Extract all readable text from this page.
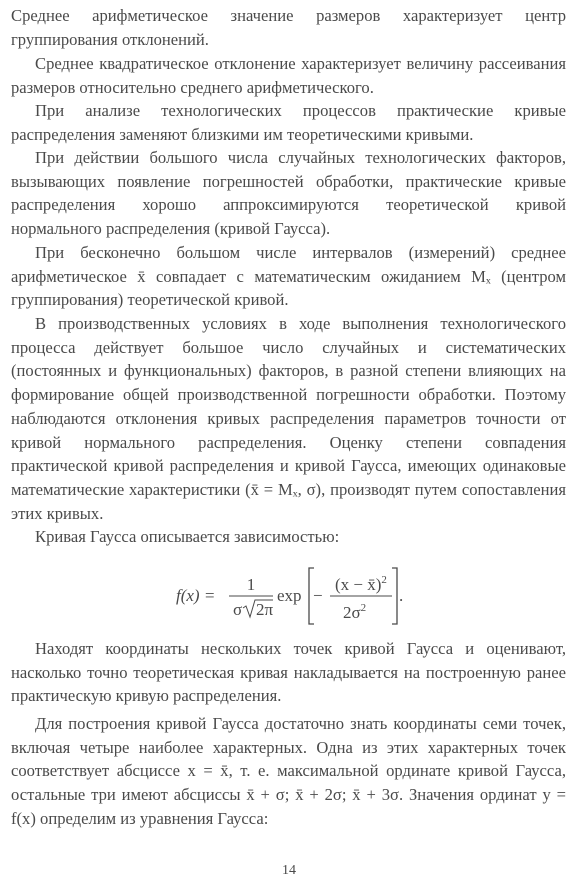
Среднее арифметическое значение размеров характеризует центр группирования отклонений.

Среднее квадратическое отклонение характеризует величину рассеивания размеров относительно среднего арифметического.

При анализе технологических процессов практические кривые распределения заменяют близкими им теоретическими кривыми.

При действии большого числа случайных технологических факторов, вызывающих появление погрешностей обработки, практические кривые распределения хорошо аппроксимируются теоретической кривой нормального распределения (кривой Гаусса).

При бесконечно большом числе интервалов (измерений) среднее арифметическое x̄ совпадает с математическим ожиданием Mₓ (центром группирования) теоретической кривой.

В производственных условиях в ходе выполнения технологического процесса действует большое число случайных и систематических (постоянных и функциональных) факторов, в разной степени влияющих на формирование общей производственной погрешности обработки. Поэтому наблюдаются отклонения кривых распределения параметров точности от кривой нормального распределения. Оценку степени совпадения практической кривой распределения и кривой Гаусса, имеющих одинаковые математические характеристики (x̄ = Mₓ, σ), производят путем сопоставления этих кривых.

Кривая Гаусса описывается зависимостью:

f(x) =
1
σ 2π
exp −
(x − x̄)$^2$
$2\sigma^2$
.

Находят координаты нескольких точек кривой Гаусса и оценивают, насколько точно теоретическая кривая накладывается на построенную ранее практическую кривую распределения.

Для построения кривой Гаусса достаточно знать координаты семи точек, включая четыре наиболее характерных. Одна из этих характерных точек соответствует абсциссе x = x̄, т. е. максимальной ординате кривой Гаусса, остальные три имеют абсциссы x̄ + σ; x̄ + 2σ; x̄ + 3σ. Значения ординат y = f(x) определим из уравнения Гаусса:

14
